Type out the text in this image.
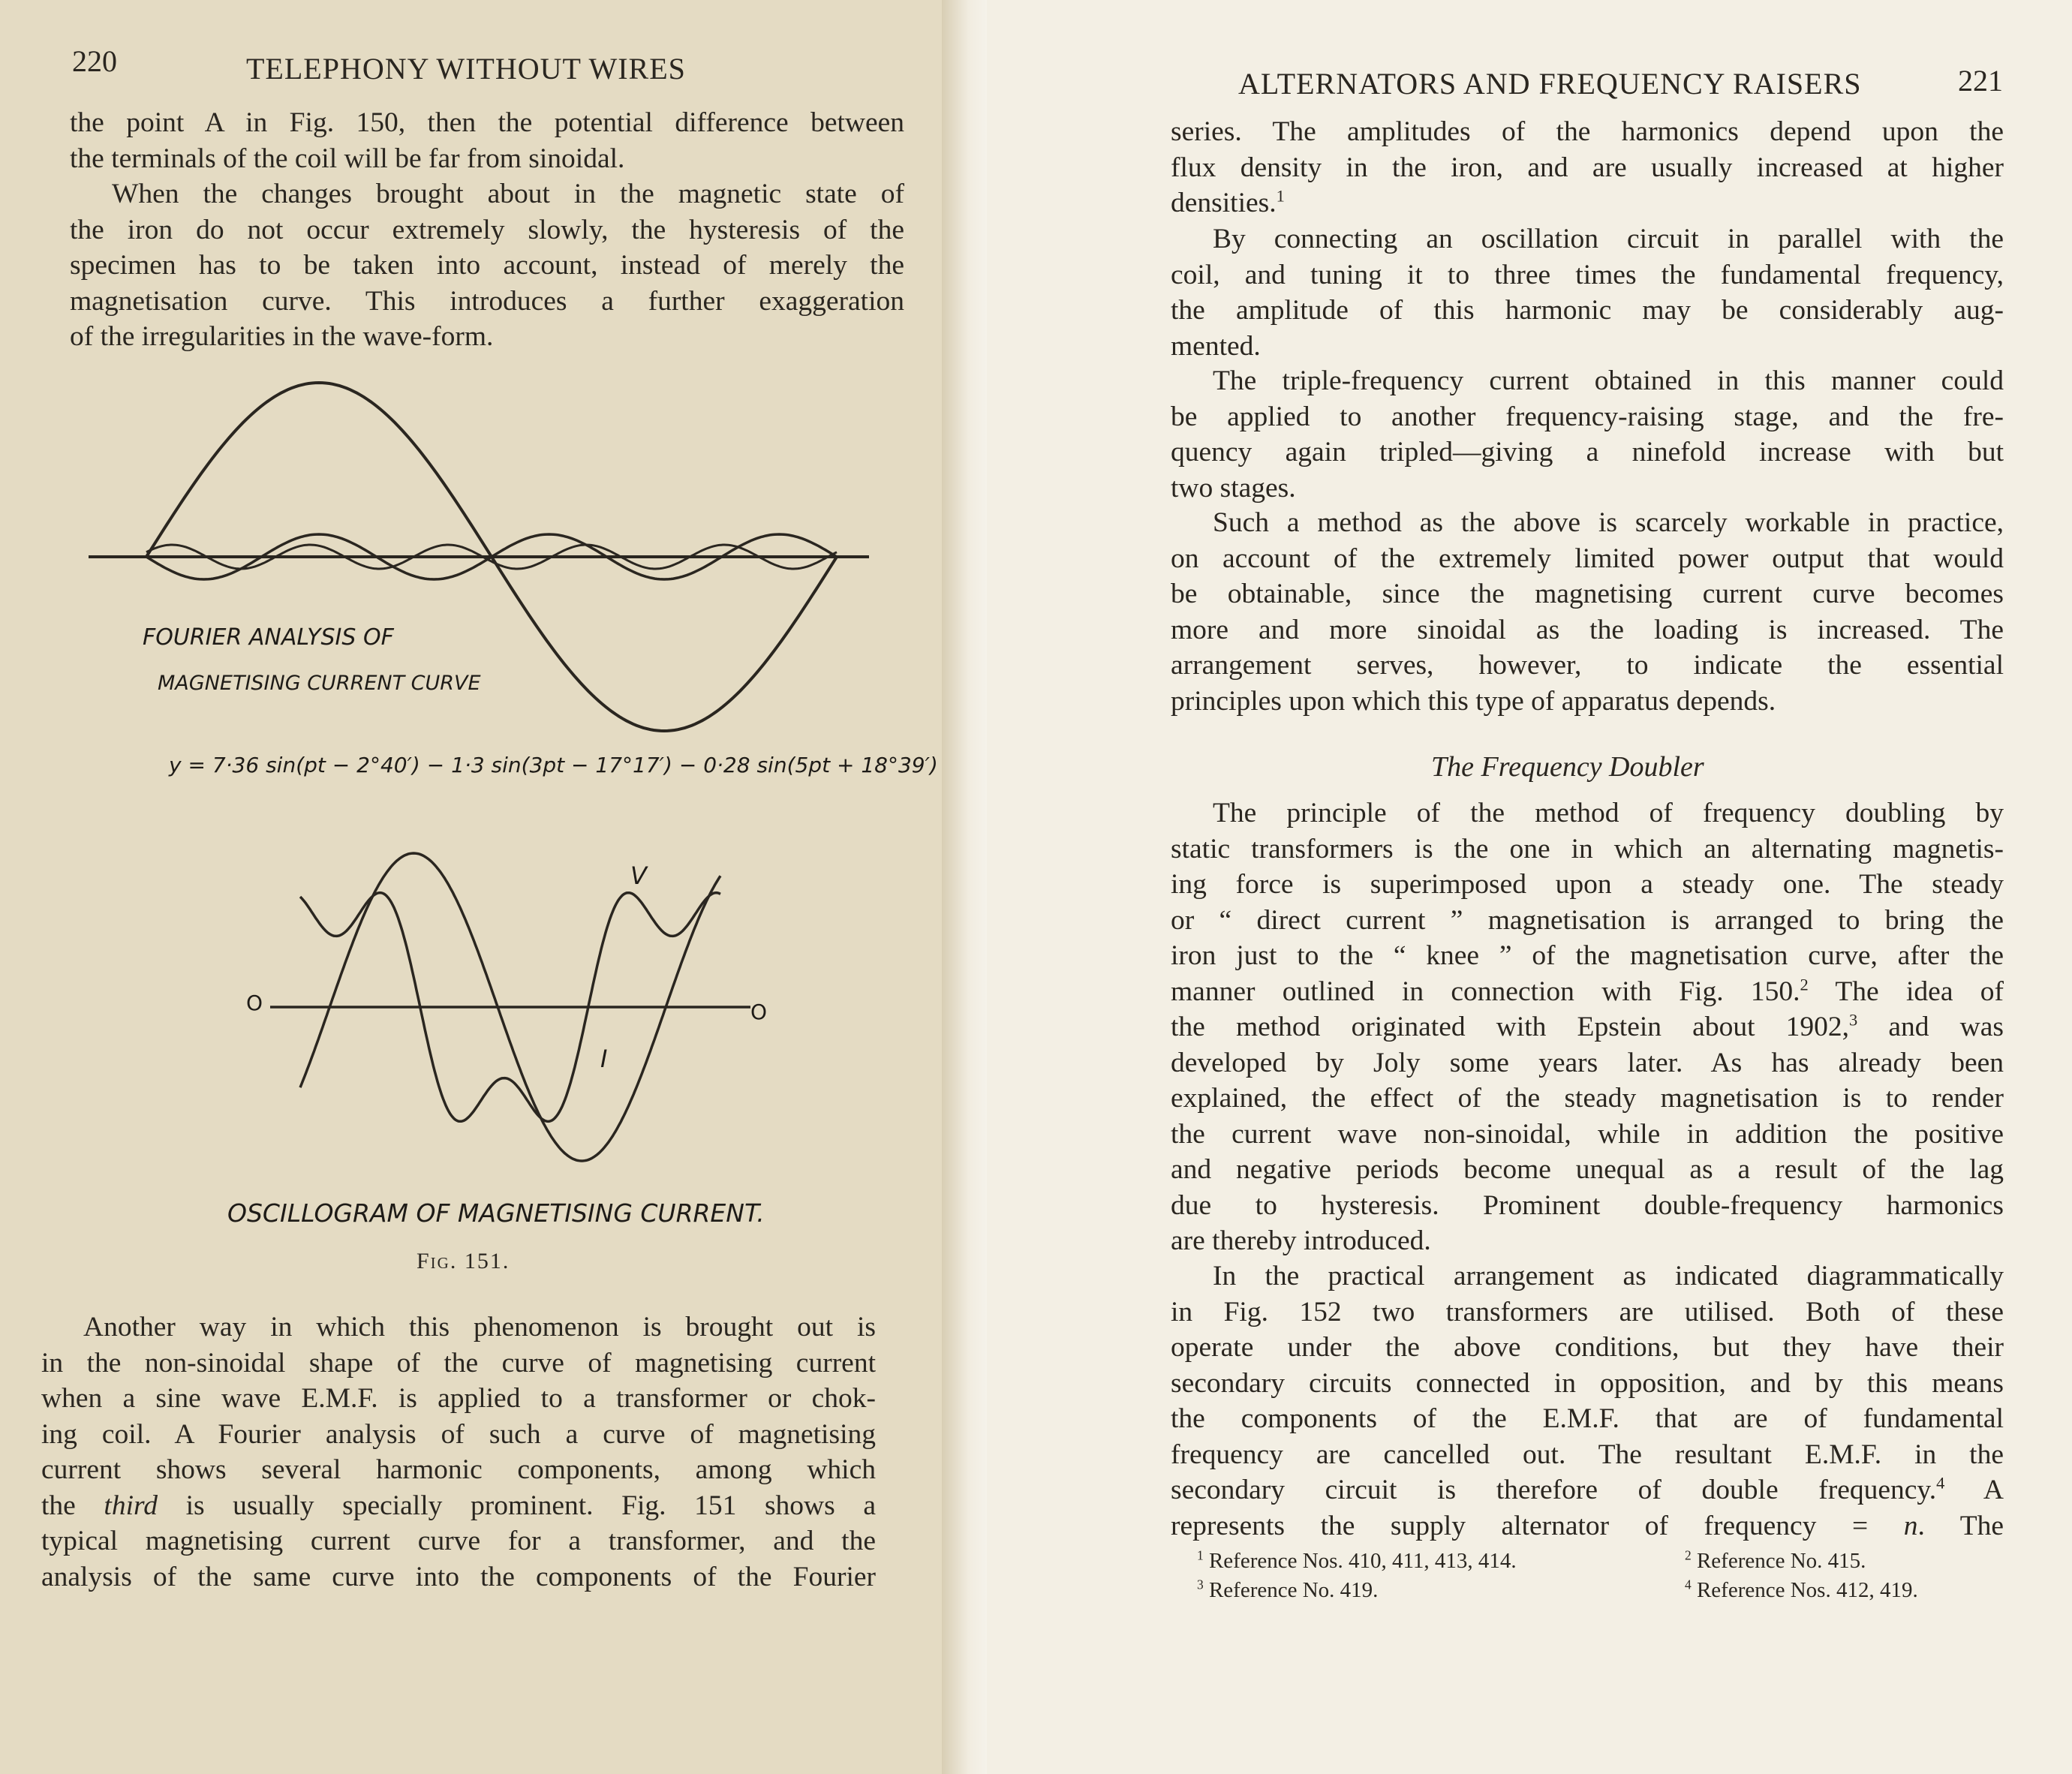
220	TELEPHONY WITHOUT WIRES
the point A in Fig. 150, then the potential difference between
the terminals of the coil will be far from sinoidal.
When the changes brought about in the magnetic state of
the iron do not occur extremely slowly, the hysteresis of the
specimen has to be taken into account, instead of merely the
magnetisation curve. This introduces a further exaggeration
of the irregularities in the wave-form.
FOURIER ANALYSIS OF
MAGNETISING CURRENT CURVE
y = 7·36 sin(pt − 2°40′) − 1·3 sin(3pt − 17°17′) − 0·28 sin(5pt + 18°39′)
O	O
V
I
OSCILLOGRAM OF MAGNETISING CURRENT.
Fig. 151.
Another way in which this phenomenon is brought out is
in the non-sinoidal shape of the curve of magnetising current
when a sine wave E.M.F. is applied to a transformer or chok-
ing coil. A Fourier analysis of such a curve of magnetising
current shows several harmonic components, among which
the third is usually specially prominent. Fig. 151 shows a
typical magnetising current curve for a transformer, and the
analysis of the same curve into the components of the Fourier
ALTERNATORS AND FREQUENCY RAISERS	221
series. The amplitudes of the harmonics depend upon the
flux density in the iron, and are usually increased at higher
densities.$^1$
By connecting an oscillation circuit in parallel with the
coil, and tuning it to three times the fundamental frequency,
the amplitude of this harmonic may be considerably aug-
mented.
The triple-frequency current obtained in this manner could
be applied to another frequency-raising stage, and the fre-
quency again tripled—giving a ninefold increase with but
two stages.
Such a method as the above is scarcely workable in practice,
on account of the extremely limited power output that would
be obtainable, since the magnetising current curve becomes
more and more sinoidal as the loading is increased. The
arrangement serves, however, to indicate the essential
principles upon which this type of apparatus depends.
The Frequency Doubler
The principle of the method of frequency doubling by
static transformers is the one in which an alternating magnetis-
ing force is superimposed upon a steady one. The steady
or “ direct current ” magnetisation is arranged to bring the
iron just to the “ knee ” of the magnetisation curve, after the
manner outlined in connection with Fig. 150.$^2$ The idea of
the method originated with Epstein about 1902,$^3$ and was
developed by Joly some years later. As has already been
explained, the effect of the steady magnetisation is to render
the current wave non-sinoidal, while in addition the positive
and negative periods become unequal as a result of the lag
due to hysteresis. Prominent double-frequency harmonics
are thereby introduced.
In the practical arrangement as indicated diagrammatically
in Fig. 152 two transformers are utilised. Both of these
operate under the above conditions, but they have their
secondary circuits connected in opposition, and by this means
the components of the E.M.F. that are of fundamental
frequency are cancelled out. The resultant E.M.F. in the
secondary circuit is therefore of double frequency.$^4$ A
represents the supply alternator of frequency = n. The
$^1$ Reference Nos. 410, 411, 413, 414.	$^2$ Reference No. 415.
$^3$ Reference No. 419.	$^4$ Reference Nos. 412, 419.
